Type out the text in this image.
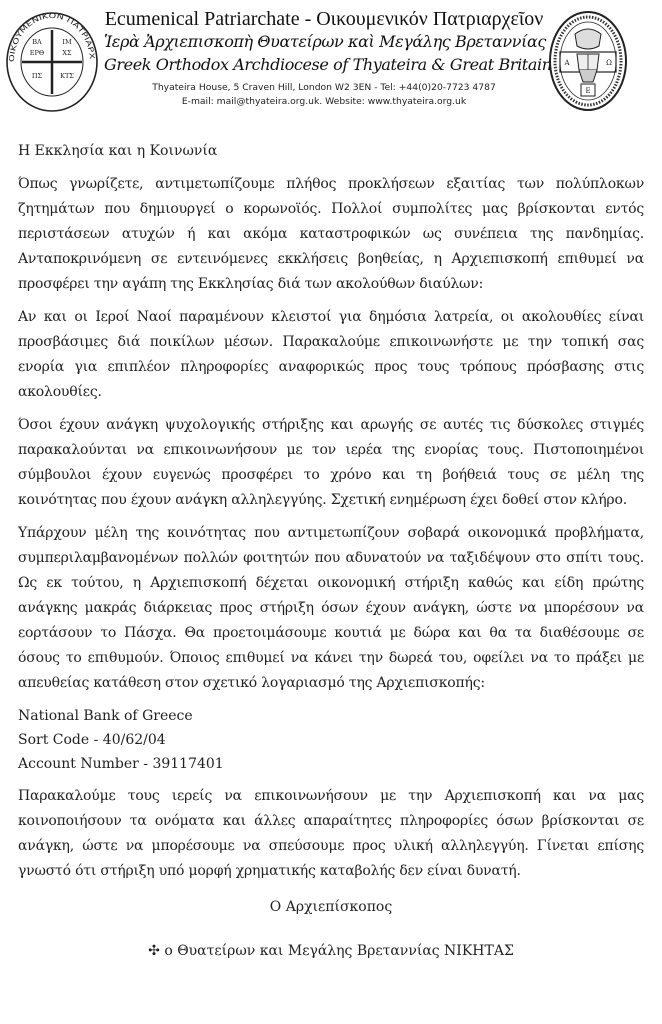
ΟΙΚΟΥΜΕΝΙΚΟΝ ΠΑΤΡΙΑΡΧ
ΒΑ
ΕΡΘ
ΙΜ
ΧΣ
ΠΣ	ΚΤΣ
Ecumenical Patriarchate - Οικουμενικόν Πατριαρχεῖον
Ἱερὰ Ἀρχιεπισκοπὴ Θυατείρων καὶ Μεγάλης Βρεταννίας
Greek Orthodox Archdiocese of Thyateira & Great Britain
Thyateira House, 5 Craven Hill, London W2 3EN - Tel: +44(0)20-7723 4787
E-mail: mail@thyateira.org.uk. Website: www.thyateira.org.uk
Α	Ω
Ε
Η Εκκλησία και η Κοινωνία

Όπως γνωρίζετε, αντιμετωπίζουμε πλήθος προκλήσεων εξαιτίας των πολύπλοκων ζητημάτων που δημιουργεί ο κορωνοϊός. Πολλοί συμπολίτες μας βρίσκονται εντός περιστάσεων ατυχών ή και ακόμα καταστροφικών ως συνέπεια της πανδημίας. Ανταποκρινόμενη σε εντεινόμενες εκκλήσεις βοηθείας, η Αρχιεπισκοπή επιθυμεί να προσφέρει την αγάπη της Εκκλησίας διά των ακολούθων διαύλων:

Αν και οι Ιεροί Ναοί παραμένουν κλειστοί για δημόσια λατρεία, οι ακολουθίες είναι προσβάσιμες διά ποικίλων μέσων. Παρακαλούμε επικοινωνήστε με την τοπική σας ενορία για επιπλέον πληροφορίες αναφορικώς προς τους τρόπους πρόσβασης στις ακολουθίες.

Όσοι έχουν ανάγκη ψυχολογικής στήριξης και αρωγής σε αυτές τις δύσκολες στιγμές παρακαλούνται να επικοινωνήσουν με τον ιερέα της ενορίας τους. Πιστοποιημένοι σύμβουλοι έχουν ευγενώς προσφέρει το χρόνο και τη βοήθειά τους σε μέλη της κοινότητας που έχουν ανάγκη αλληλεγγύης. Σχετική ενημέρωση έχει δοθεί στον κλήρο.

Υπάρχουν μέλη της κοινότητας που αντιμετωπίζουν σοβαρά οικονομικά προβλήματα, συμπεριλαμβανομένων πολλών φοιτητών που αδυνατούν να ταξιδέψουν στο σπίτι τους. Ως εκ τούτου, η Αρχιεπισκοπή δέχεται οικονομική στήριξη καθώς και είδη πρώτης ανάγκης μακράς διάρκειας προς στήριξη όσων έχουν ανάγκη, ώστε να μπορέσουν να εορτάσουν το Πάσχα. Θα προετοιμάσουμε κουτιά με δώρα και θα τα διαθέσουμε σε όσους το επιθυμούν. Όποιος επιθυμεί να κάνει την δωρεά του, οφείλει να το πράξει με απευθείας κατάθεση στον σχετικό λογαριασμό της Αρχιεπισκοπής:

National Bank of Greece
Sort Code - 40/62/04
Account Number - 39117401

Παρακαλούμε τους ιερείς να επικοινωνήσουν με την Αρχιεπισκοπή και να μας κοινοποιήσουν τα ονόματα και άλλες απαραίτητες πληροφορίες όσων βρίσκονται σε ανάγκη, ώστε να μπορέσουμε να σπεύσουμε προς υλική αλληλεγγύη. Γίνεται επίσης γνωστό ότι στήριξη υπό μορφή χρηματικής καταβολής δεν είναι δυνατή.

Ο Αρχιεπίσκοπος
✣ ο Θυατείρων και Μεγάλης Βρεταννίας ΝΙΚΗΤΑΣ
